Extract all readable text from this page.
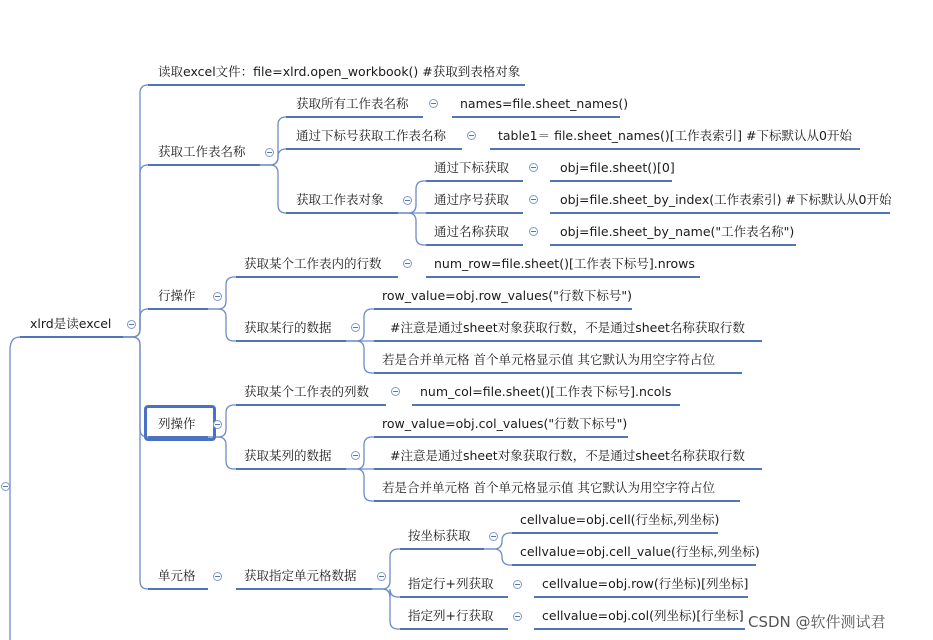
xlrd是读excel
读取excel文件：file=xlrd.open_workbook() #获取到表格对象
获取工作表名称
行操作
列操作
单元格
获取所有工作表名称	names=file.sheet_names()
通过下标号获取工作表名称	table1＝ file.sheet_names()[工作表索引] #下标默认从0开始
获取工作表对象
通过下标获取	obj=file.sheet()[0]
通过序号获取	obj=file.sheet_by_index(工作表索引) #下标默认从0开始
通过名称获取	obj=file.sheet_by_name("工作表名称")
获取某个工作表内的行数	num_row=file.sheet()[工作表下标号].nrows
获取某行的数据
row_value=obj.row_values("行数下标号")
#注意是通过sheet对象获取行数，不是通过sheet名称获取行数
若是合并单元格 首个单元格显示值 其它默认为用空字符占位
获取某个工作表的列数	num_col=file.sheet()[工作表下标号].ncols
获取某列的数据
row_value=obj.col_values("行数下标号")
#注意是通过sheet对象获取行数，不是通过sheet名称获取行数
若是合并单元格 首个单元格显示值 其它默认为用空字符占位
获取指定单元格数据
按坐标获取
cellvalue=obj.cell(行坐标,列坐标)
cellvalue=obj.cell_value(行坐标,列坐标)
指定行+列获取	cellvalue=obj.row(行坐标)[列坐标]
指定列+行获取	cellvalue=obj.col(列坐标)[行坐标] CSDN @软件测试君
